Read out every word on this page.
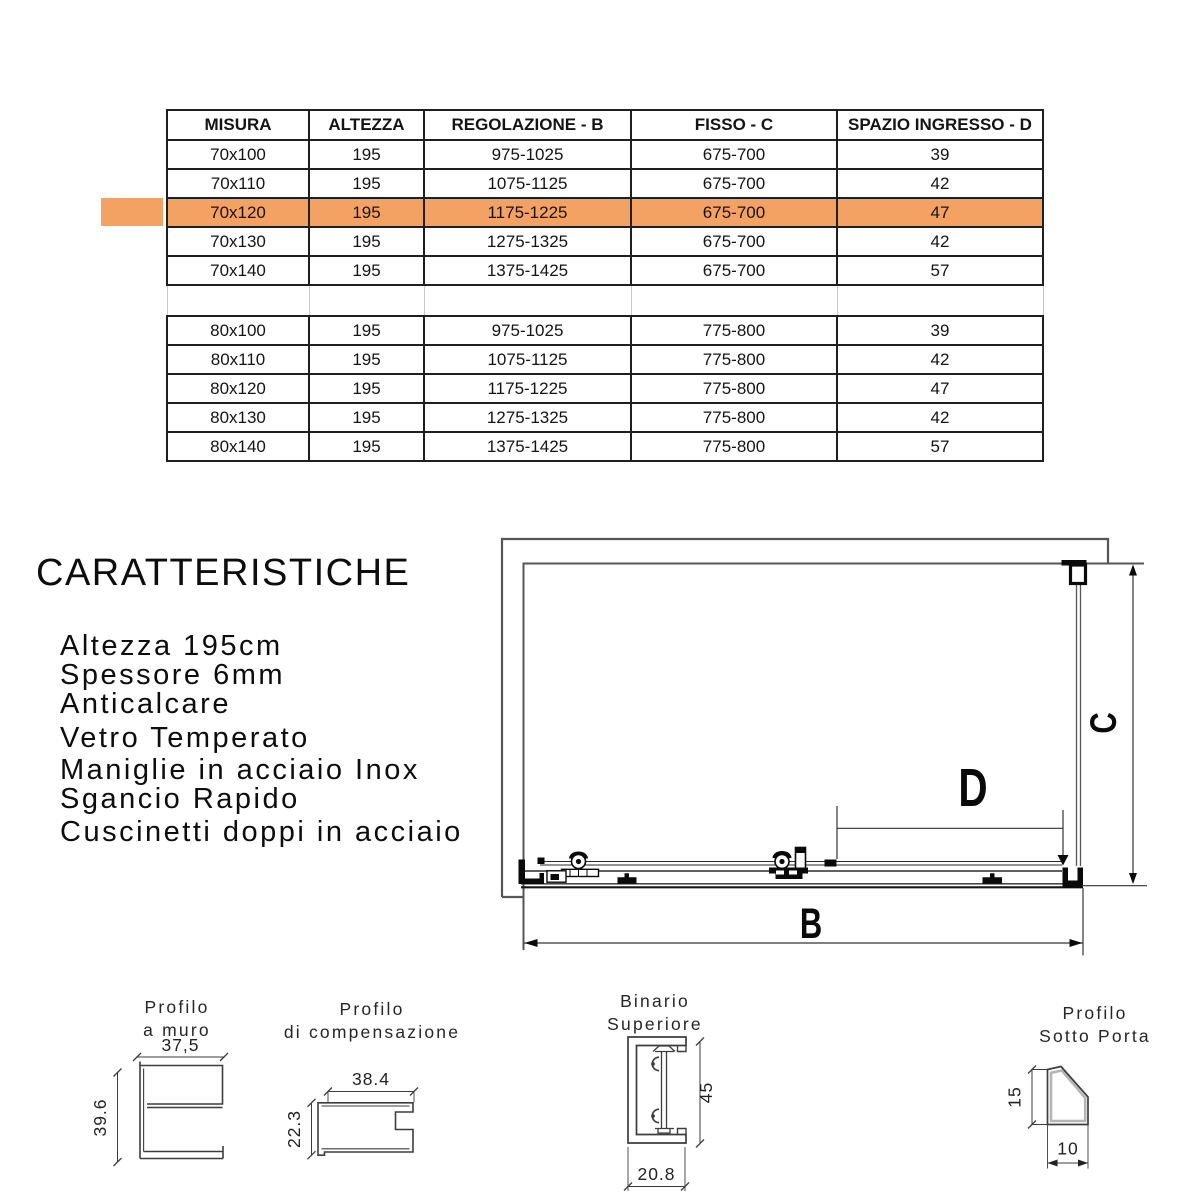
MISURA	ALTEZZA	REGOLAZIONE - B	FISSO - C	SPAZIO INGRESSO - D
70x100	195	975-1025	675-700	39
70x110	195	1075-1125	675-700	42
70x120	195	1175-1225	675-700	47
70x130	195	1275-1325	675-700	42
70x140	195	1375-1425	675-700	57

80x100	195	975-1025	775-800	39
80x110	195	1075-1125	775-800	42
80x120	195	1175-1225	775-800	47
80x130	195	1275-1325	775-800	42
80x140	195	1375-1425	775-800	57
CARATTERISTICHE
Altezza 195cm
Spessore 6mm
Anticalcare
Vetro Temperato
Maniglie in acciaio Inox
Sgancio Rapido
Cuscinetti doppi in acciaio
D
C
B
Profilo
a muro
Profilo
di compensazione
Binario
Superiore
Profilo
Sotto Porta
37,5
39.6
38.4
22.3
45
20.8
15
10
